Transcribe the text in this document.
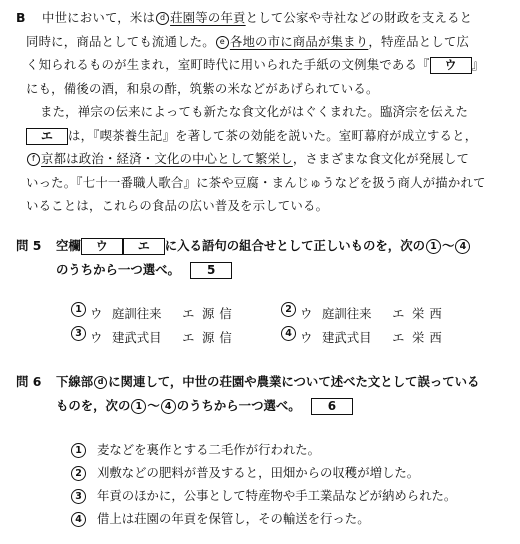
B 中世において，米は d 荘園等の年貢として公家や寺社などの財政を支えると
同時に，商品としても流通した。 e 各地の市に商品が集まり，特産品として広
く知られるものが生まれ，室町時代に用いられた手紙の文例集である『 ウ 』
にも，備後の酒，和泉の酢，筑紫の米などがあげられている。
また，禅宗の伝来によっても新たな食文化がはぐくまれた。臨済宗を伝えた
エ は，『喫茶養生記』を著して茶の効能を説いた。室町幕府が成立すると，
f 京都は政治・経済・文化の中心として繁栄し，さまざまな食文化が発展して
いった。『七十一番職人歌合』に茶や豆腐・まんじゅうなどを扱う商人が描かれて
いることは，これらの食品の広い普及を示している。
問 5 空欄 ウ エ に入る語句の組合せとして正しいものを，次の 1 〜 4
のうちから一つ選べ。 5
1 ウ 庭訓往来 エ 源信	2 ウ 庭訓往来 エ 栄西
3 ウ 建武式目 エ 源信	4 ウ 建武式目 エ 栄西
問 6 下線部 d に関連して，中世の荘園や農業について述べた文として誤っている
ものを，次の 1 〜 4 のうちから一つ選べ。 6
1 麦などを裏作とする二毛作が行われた。
2 刈敷などの肥料が普及すると，田畑からの収穫が増した。
3 年貢のほかに，公事として特産物や手工業品などが納められた。
4 借上は荘園の年貢を保管し，その輸送を行った。
